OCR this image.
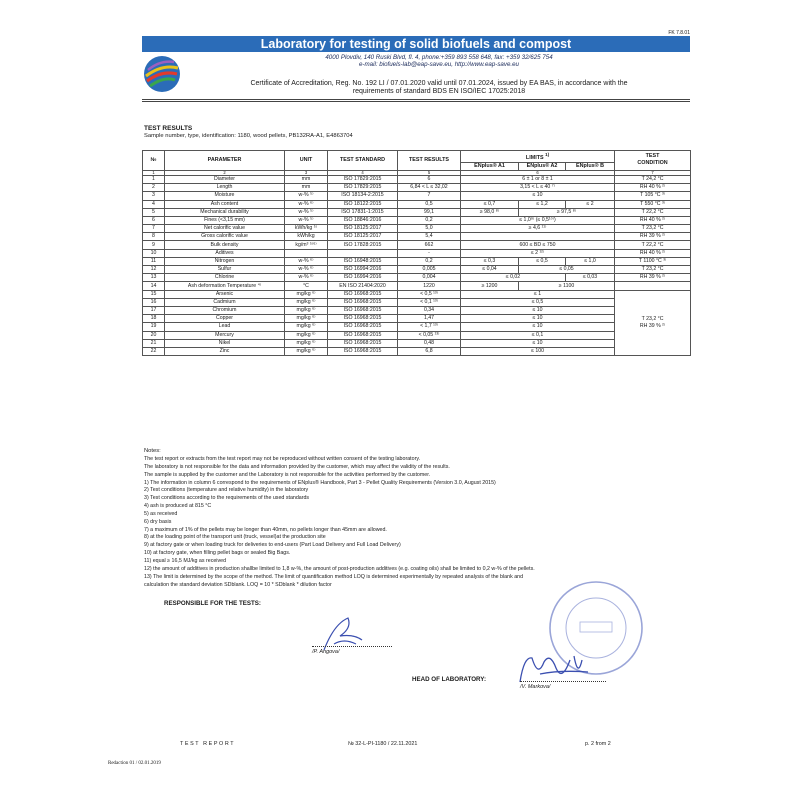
FK 7.8.01
Laboratory for testing of solid biofuels and compost
4000 Plovdiv, 140 Ruski Blvd, fl. 4, phone:+359 893 558 648, fax: +359 32/625 754
e-mail: biofuels-lab@eap-save.eu, http://www.eap-save.eu
Certificate of Accreditation, Reg. No. 192 LI / 07.01.2020 valid until 07.01.2024, issued by EA BAS, in accordance with the
requirements of standard BDS EN ISO/IEC 17025:2018
TEST RESULTS
Sample number, type, identification: 1180, wood pellets, PB132RA-A1, E4863704
№	PARAMETER	UNIT	TEST STANDARD	TEST RESULTS	LIMITS $^{1)}$			TEST
CONDITION
					ENplus® A1	ENplus® A2	ENplus® B	
1	2	3	4	5	6			7
1	Diameter	mm	ISO 17829:2015	6	6 ± 1 or 8 ± 1			T 24,2 °C
2	Length	mm	ISO 17829:2015	6,84 < L ≤ 32,02	3,15 < L ≤ 40 ⁷⁾			RH 40 % ²⁾
3	Moisture	w-% ⁵⁾	ISO 18134-2:2015	7	≤ 10			T 105 °C ³⁾
4	Ash content	w-% ⁶⁾	ISO 18122:2015	0,5	≤ 0,7	≤ 1,2	≤ 2	T 550 °C ³⁾
5	Mechanical durability	w-% ⁵⁾	ISO 17831-1:2015	99,1	≥ 98,0 ⁸⁾	≥ 97,5 ⁸⁾		T 22,2 °C
6	Fines (<3,15 mm)	w-% ⁵⁾	ISO 18846:2016	0,2	≤ 1,0⁹⁾ (≤ 0,5¹⁰⁾)			RH 40 % ²⁾
7	Net calorific value	kWh/kg ⁵⁾	ISO 18125:2017	5,0	≥ 4,6 ¹¹⁾			T 23,2 °C
8	Gross calorific value	kWh/kg	ISO 18125:2017	5,4				RH 39 % ²⁾
9	Bulk density	kg/m³ ⁵⁾⁶⁾	ISO 17828:2015	662	600 ≤ BD ≤ 750			T 22,2 °C
10	Aditives			-	≤ 2 ¹²⁾			RH 40 % ²⁾
11	Nitrogen	w-% ⁶⁾	ISO 16948:2015	0,2	≤ 0,3	≤ 0,5	≤ 1,0	T 1100 °C ³⁾
12	Sulfur	w-% ⁶⁾	ISO 16994:2016	0,005	≤ 0,04	≤ 0,05		T 23,2 °C
13	Chlorine	w-% ⁶⁾	ISO 16994:2016	0,004	≤ 0,02		≤ 0,03	RH 39 % ²⁾
14	Ash deformation Temperature ⁴⁾	°C	EN ISO 21404:2020	1220	≥ 1200	≥ 1100		
15	Arsenic	mg/kg ⁶⁾	ISO 16968:2015	< 0,5 ¹³⁾	≤ 1			T 23,2 °C
RH 39 % ²⁾

16	Cadmium	mg/kg ⁶⁾	ISO 16968:2015	< 0,1 ¹³⁾	≤ 0,5			
17	Chromium	mg/kg ⁶⁾	ISO 16968:2015	0,34	≤ 10			
18	Copper	mg/kg ⁶⁾	ISO 16968:2015	1,47	≤ 10			
19	Lead	mg/kg ⁶⁾	ISO 16968:2015	< 1,7 ¹³⁾	≤ 10			
20	Mercury	mg/kg ⁶⁾	ISO 16968:2015	< 0,05 ¹³⁾	≤ 0,1			
21	Nikel	mg/kg ⁶⁾	ISO 16968:2015	0,48	≤ 10			
22	Zinc	mg/kg ⁶⁾	ISO 16968:2015	6,8	≤ 100			
Notes:
The test report or extracts from the test report may not be reproduced without written consent of the testing laboratory.
The laboratory is not responsible for the data and information provided by the customer, which may affect the validity of the results.
The sample is supplied by the customer and the Laboratory is not responsible for the activities performed by the customer.
1) The information in column 6 correspond to the requirements of ENplus® Handbook, Part 3 - Pellet Quality Requirements (Version 3.0, August 2015)
2) Test conditions (temperature and relative humidity) in the laboratory
3) Test conditions according to the requirements of the used standards
4) ash is produced at 815 °C
5) as received
6) dry basis
7) a maximum of 1% of the pellets may be longer than 40mm, no pellets longer than 45mm are allowed.
8) at the loading point of the transport unit (truck, vessel)at the production site
9) at factory gate or when loading truck for deliveries to end-users (Part Load Delivery and Full Load Delivery)
10) at factory gate, when filling pellet bags or sealed Big Bags.
11) equal ≥ 16,5 MJ/kg as received
12) the amount of additives in production shallbe limited to 1,8 w-%, the amount of post-production additives (e.g. coating oils) shall be limited to 0,2 w-% of the pellets.
13) The limit is determined by the scope of the method. The limit of quantification method LOQ is determined experimentally by repeated analysis of the blank and
calculation the standard deviation SDblank. LOQ = 10 * SDblank * dilution factor
RESPONSIBLE FOR THE TESTS:
/P. Angova/
HEAD OF LABORATORY:
/V. Markova/
TEST REPORT	№ 32-L-PI-1180 / 22.11.2021	p. 2 from 2
Redaction 01 / 02.01.2019
